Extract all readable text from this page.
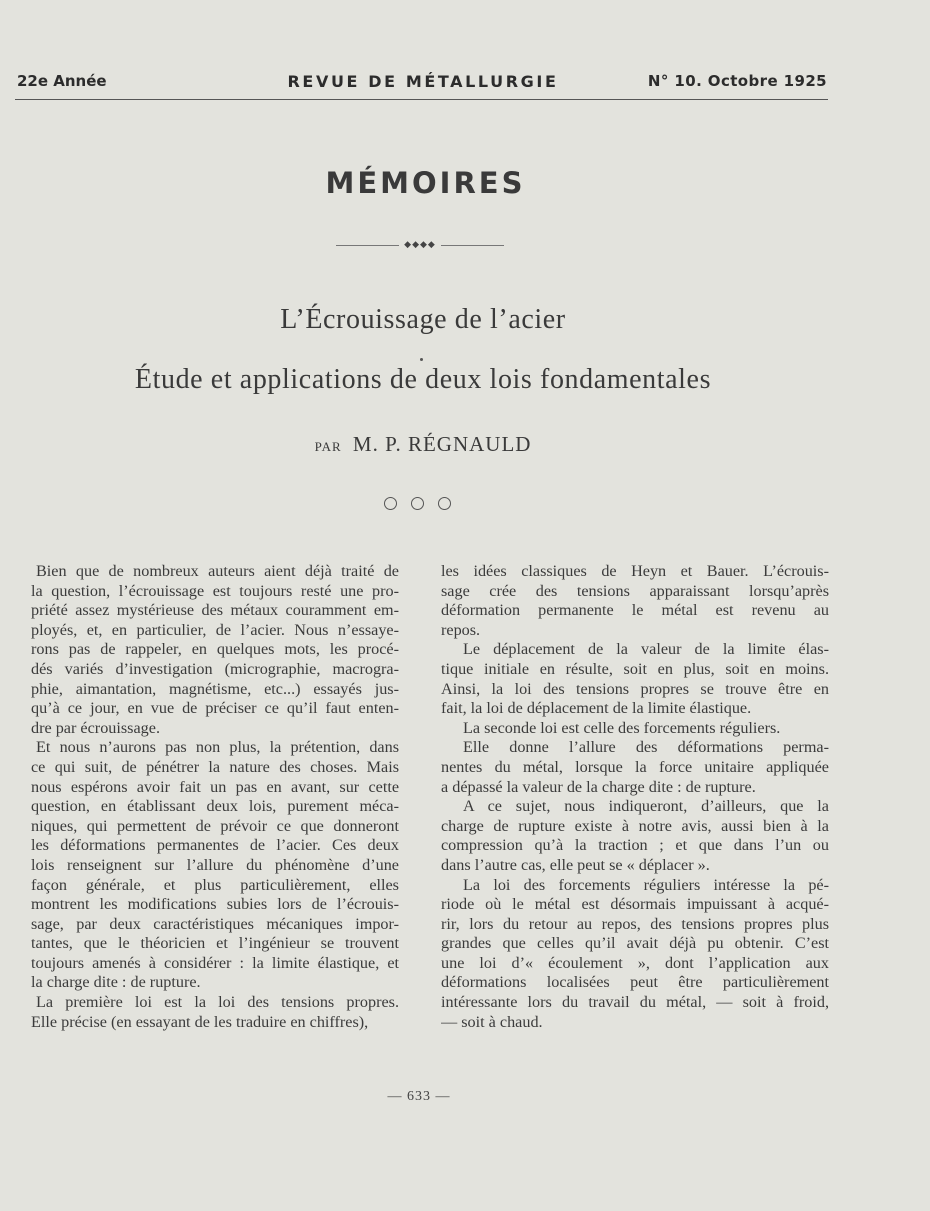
22e Année	REVUE DE MÉTALLURGIE	N° 10. Octobre 1925
MÉMOIRES
◆◆◆◆
L’Écrouissage de l’acier
Étude et applications de deux lois fondamentales
PAR M. P. RÉGNAULD
Bien que de nombreux auteurs aient déjà traité de
la question, l’écrouissage est toujours resté une pro-
priété assez mystérieuse des métaux couramment em-
ployés, et, en particulier, de l’acier. Nous n’essaye-
rons pas de rappeler, en quelques mots, les procé-
dés variés d’investigation (micrographie, macrogra-
phie, aimantation, magnétisme, etc...) essayés jus-
qu’à ce jour, en vue de préciser ce qu’il faut enten-
dre par écrouissage.
Et nous n’aurons pas non plus, la prétention, dans
ce qui suit, de pénétrer la nature des choses. Mais
nous espérons avoir fait un pas en avant, sur cette
question, en établissant deux lois, purement méca-
niques, qui permettent de prévoir ce que donneront
les déformations permanentes de l’acier. Ces deux
lois renseignent sur l’allure du phénomène d’une
façon générale, et plus particulièrement, elles
montrent les modifications subies lors de l’écrouis-
sage, par deux caractéristiques mécaniques impor-
tantes, que le théoricien et l’ingénieur se trouvent
toujours amenés à considérer : la limite élastique, et
la charge dite : de rupture.
La première loi est la loi des tensions propres.
Elle précise (en essayant de les traduire en chiffres),
les idées classiques de Heyn et Bauer. L’écrouis-
sage crée des tensions apparaissant lorsqu’après
déformation permanente le métal est revenu au
repos.
Le déplacement de la valeur de la limite élas-
tique initiale en résulte, soit en plus, soit en moins.
Ainsi, la loi des tensions propres se trouve être en
fait, la loi de déplacement de la limite élastique.
La seconde loi est celle des forcements réguliers.
Elle donne l’allure des déformations perma-
nentes du métal, lorsque la force unitaire appliquée
a dépassé la valeur de la charge dite : de rupture.
A ce sujet, nous indiqueront, d’ailleurs, que la
charge de rupture existe à notre avis, aussi bien à la
compression qu’à la traction ; et que dans l’un ou
dans l’autre cas, elle peut se « déplacer ».
La loi des forcements réguliers intéresse la pé-
riode où le métal est désormais impuissant à acqué-
rir, lors du retour au repos, des tensions propres plus
grandes que celles qu’il avait déjà pu obtenir. C’est
une loi d’« écoulement », dont l’application aux
déformations localisées peut être particulièrement
intéressante lors du travail du métal, — soit à froid,
— soit à chaud.
— 633 —
